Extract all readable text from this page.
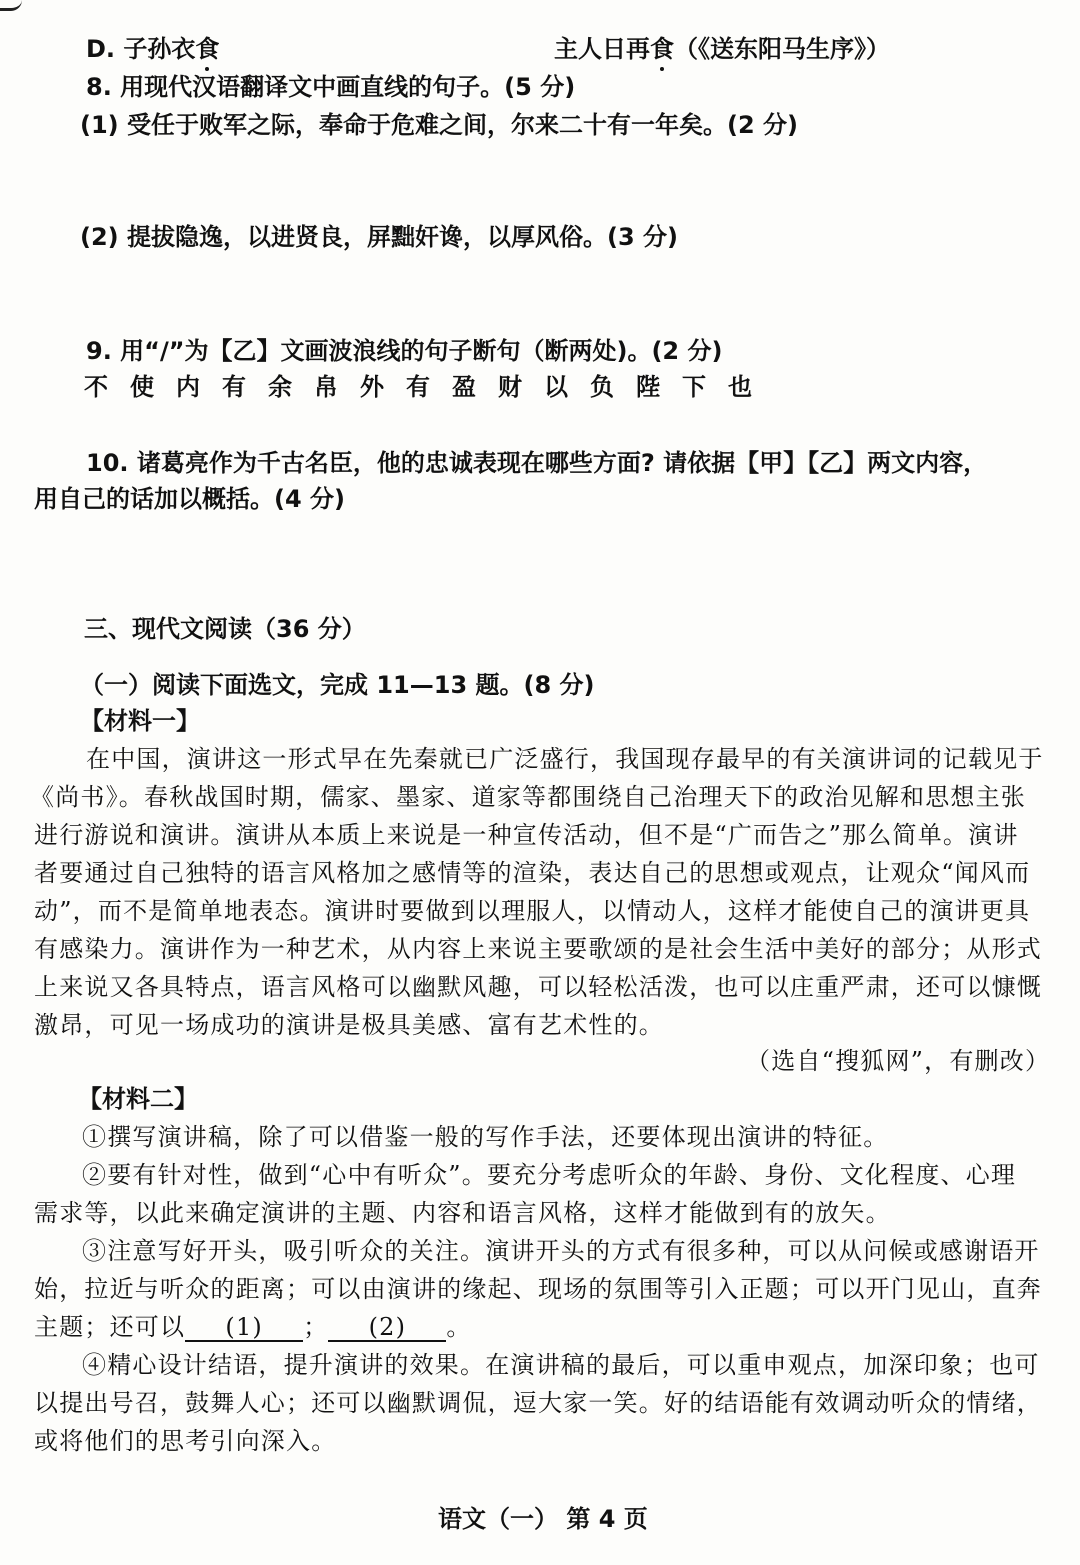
D. 子孙衣食	主人日再食（《送东阳马生序》）
8. 用现代汉语翻译文中画直线的句子。(5 分)
(1) 受任于败军之际，奉命于危难之间，尔来二十有一年矣。(2 分)
(2) 提拔隐逸，以进贤良，屏黜奸谗，以厚风俗。(3 分)
9. 用“/”为【乙】文画波浪线的句子断句（断两处)。(2 分)
不使内有余帛外有盈财以负陛下也
10. 诸葛亮作为千古名臣，他的忠诚表现在哪些方面? 请依据【甲】【乙】两文内容，
用自己的话加以概括。(4 分)
三、现代文阅读（36 分）
（一）阅读下面选文，完成 11—13 题。(8 分)
【材料一】
在中国，演讲这一形式早在先秦就已广泛盛行，我国现存最早的有关演讲词的记载见于
《尚书》。春秋战国时期，儒家、墨家、道家等都围绕自己治理天下的政治见解和思想主张
进行游说和演讲。演讲从本质上来说是一种宣传活动，但不是“广而告之”那么简单。演讲
者要通过自己独特的语言风格加之感情等的渲染，表达自己的思想或观点，让观众“闻风而
动”，而不是简单地表态。演讲时要做到以理服人，以情动人，这样才能使自己的演讲更具
有感染力。演讲作为一种艺术，从内容上来说主要歌颂的是社会生活中美好的部分；从形式
上来说又各具特点，语言风格可以幽默风趣，可以轻松活泼，也可以庄重严肃，还可以慷慨
激昂，可见一场成功的演讲是极具美感、富有艺术性的。
（选自“搜狐网”，有删改）
【材料二】
①撰写演讲稿，除了可以借鉴一般的写作手法，还要体现出演讲的特征。
②要有针对性，做到“心中有听众”。要充分考虑听众的年龄、身份、文化程度、心理
需求等，以此来确定演讲的主题、内容和语言风格，这样才能做到有的放矢。
③注意写好开头，吸引听众的关注。演讲开头的方式有很多种，可以从问候或感谢语开
始，拉近与听众的距离；可以由演讲的缘起、现场的氛围等引入正题；可以开门见山，直奔
主题；还可以 (1) ； (2) 。
④精心设计结语，提升演讲的效果。在演讲稿的最后，可以重申观点，加深印象；也可
以提出号召，鼓舞人心；还可以幽默调侃，逗大家一笑。好的结语能有效调动听众的情绪，
或将他们的思考引向深入。
语文（一） 第 4 页
